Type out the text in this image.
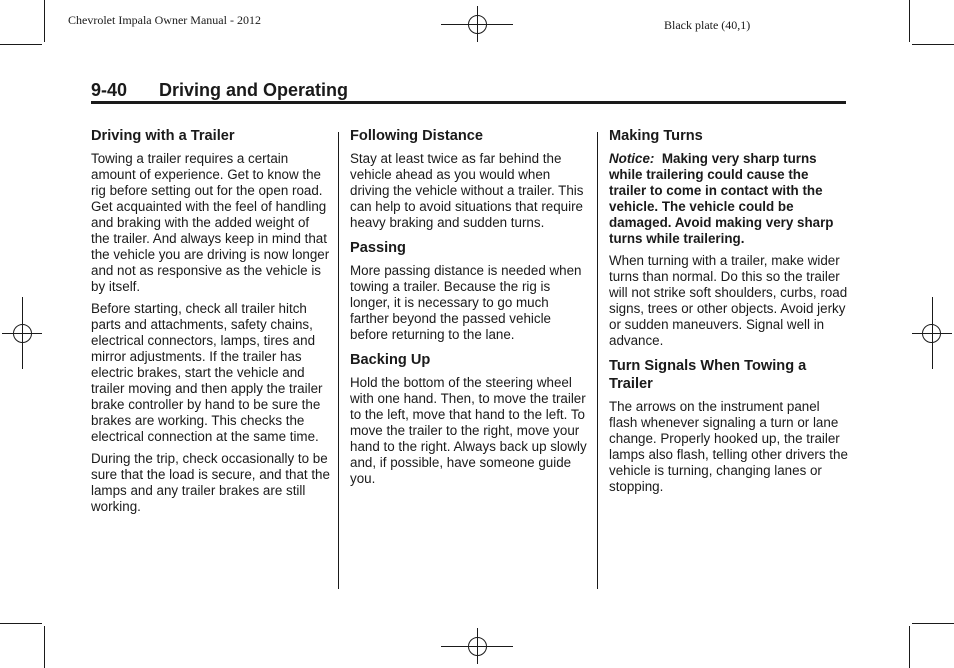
Chevrolet Impala Owner Manual - 2012	Black plate (40,1)
9-40 Driving and Operating
Driving with a Trailer

Towing a trailer requires a certain amount of experience. Get to know the rig before setting out for the open road. Get acquainted with the feel of handling and braking with the added weight of the trailer. And always keep in mind that the vehicle you are driving is now longer and not as responsive as the vehicle is by itself.

Before starting, check all trailer hitch parts and attachments, safety chains, electrical connectors, lamps, tires and mirror adjustments. If the trailer has electric brakes, start the vehicle and trailer moving and then apply the trailer brake controller by hand to be sure the brakes are working. This checks the electrical connection at the same time.

During the trip, check occasionally to be sure that the load is secure, and that the lamps and any trailer brakes are still working.

Following Distance

Stay at least twice as far behind the vehicle ahead as you would when driving the vehicle without a trailer. This can help to avoid situations that require heavy braking and sudden turns.

Passing

More passing distance is needed when towing a trailer. Because the rig is longer, it is necessary to go much farther beyond the passed vehicle before returning to the lane.

Backing Up

Hold the bottom of the steering wheel with one hand. Then, to move the trailer to the left, move that hand to the left. To move the trailer to the right, move your hand to the right. Always back up slowly and, if possible, have someone guide you.

Making Turns

Notice: Making very sharp turns while trailering could cause the trailer to come in contact with the vehicle. The vehicle could be damaged. Avoid making very sharp turns while trailering.

When turning with a trailer, make wider turns than normal. Do this so the trailer will not strike soft shoulders, curbs, road signs, trees or other objects. Avoid jerky or sudden maneuvers. Signal well in advance.

Turn Signals When Towing a Trailer

The arrows on the instrument panel flash whenever signaling a turn or lane change. Properly hooked up, the trailer lamps also flash, telling other drivers the vehicle is turning, changing lanes or stopping.
